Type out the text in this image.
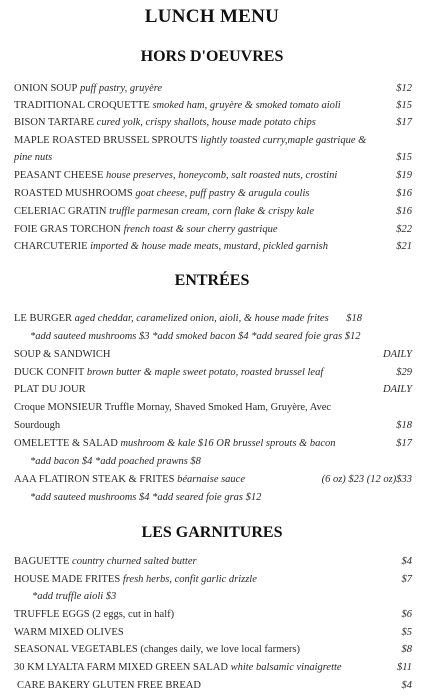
LUNCH MENU
HORS D'OEUVRES
ONION SOUP puff pastry, gruyère	$12
TRADITIONAL CROQUETTE smoked ham, gruyère & smoked tomato aioli	$15
BISON TARTARE cured yolk, crispy shallots, house made potato chips	$17
MAPLE ROASTED BRUSSEL SPROUTS lightly toasted curry,maple gastrique &
pine nuts	$15
PEASANT CHEESE house preserves, honeycomb, salt roasted nuts, crostini	$19
ROASTED MUSHROOMS goat cheese, puff pastry & arugula coulis	$16
CELERIAC GRATIN truffle parmesan cream, corn flake & crispy kale	$16
FOIE GRAS TORCHON french toast & sour cherry gastrique	$22
CHARCUTERIE imported & house made meats, mustard, pickled garnish	$21
ENTRÉES
LE BURGER aged cheddar, caramelized onion, aioli, & house made frites $18
*add sauteed mushrooms $3 *add smoked bacon $4 *add seared foie gras $12
SOUP & SANDWICH	DAILY
DUCK CONFIT brown butter & maple sweet potato, roasted brussel leaf	$29
PLAT DU JOUR	DAILY
Croque MONSIEUR Truffle Mornay, Shaved Smoked Ham, Gruyère, Avec
Sourdough	$18
OMELETTE & SALAD mushroom & kale $16 OR brussel sprouts & bacon	$17
*add bacon $4 *add poached prawns $8
AAA FLATIRON STEAK & FRITES béarnaise sauce	(6 oz) $23 (12 oz)$33
*add sauteed mushrooms $4 *add seared foie gras $12
LES GARNITURES
BAGUETTE country churned salted butter	$4
HOUSE MADE FRITES fresh herbs, confit garlic drizzle	$7
*add truffle aioli $3
TRUFFLE EGGS (2 eggs, cut in half)	$6
WARM MIXED OLIVES	$5
SEASONAL VEGETABLES (changes daily, we love local farmers)	$8
30 KM LYALTA FARM MIXED GREEN SALAD white balsamic vinaigrette	$11
CARE BAKERY GLUTEN FREE BREAD	$4
